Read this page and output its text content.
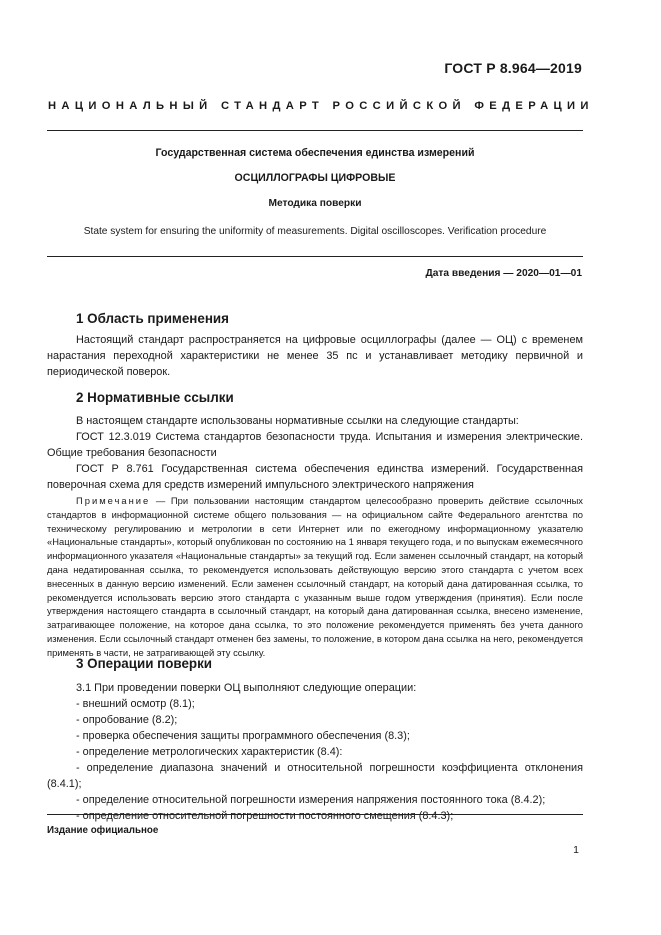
ГОСТ Р 8.964—2019
НАЦИОНАЛЬНЫЙ СТАНДАРТ РОССИЙСКОЙ ФЕДЕРАЦИИ
Государственная система обеспечения единства измерений
ОСЦИЛЛОГРАФЫ ЦИФРОВЫЕ
Методика поверки
State system for ensuring the uniformity of measurements. Digital oscilloscopes. Verification procedure
Дата введения — 2020—01—01
1 Область применения
Настоящий стандарт распространяется на цифровые осциллографы (далее — ОЦ) с временем нарастания переходной характеристики не менее 35 пс и устанавливает методику первичной и периодической поверок.
2 Нормативные ссылки
В настоящем стандарте использованы нормативные ссылки на следующие стандарты:
ГОСТ 12.3.019 Система стандартов безопасности труда. Испытания и измерения электрические. Общие требования безопасности
ГОСТ Р 8.761 Государственная система обеспечения единства измерений. Государственная поверочная схема для средств измерений импульсного электрического напряжения
Примечание — При пользовании настоящим стандартом целесообразно проверить действие ссылочных стандартов в информационной системе общего пользования — на официальном сайте Федерального агентства по техническому регулированию и метрологии в сети Интернет или по ежегодному информационному указателю «Национальные стандарты», который опубликован по состоянию на 1 января текущего года, и по выпускам ежемесячного информационного указателя «Национальные стандарты» за текущий год. Если заменен ссылочный стандарт, на который дана недатированная ссылка, то рекомендуется использовать действующую версию этого стандарта с учетом всех внесенных в данную версию изменений. Если заменен ссылочный стандарт, на который дана датированная ссылка, то рекомендуется использовать версию этого стандарта с указанным выше годом утверждения (принятия). Если после утверждения настоящего стандарта в ссылочный стандарт, на который дана датированная ссылка, внесено изменение, затрагивающее положение, на которое дана ссылка, то это положение рекомендуется применять без учета данного изменения. Если ссылочный стандарт отменен без замены, то положение, в котором дана ссылка на него, рекомендуется применять в части, не затрагивающей эту ссылку.
3 Операции поверки
3.1 При проведении поверки ОЦ выполняют следующие операции:
- внешний осмотр (8.1);
- опробование (8.2);
- проверка обеспечения защиты программного обеспечения (8.3);
- определение метрологических характеристик (8.4):
- определение диапазона значений и относительной погрешности коэффициента отклонения (8.4.1);
- определение относительной погрешности измерения напряжения постоянного тока (8.4.2);
- определение относительной погрешности постоянного смещения (8.4.3);
Издание официальное
1
